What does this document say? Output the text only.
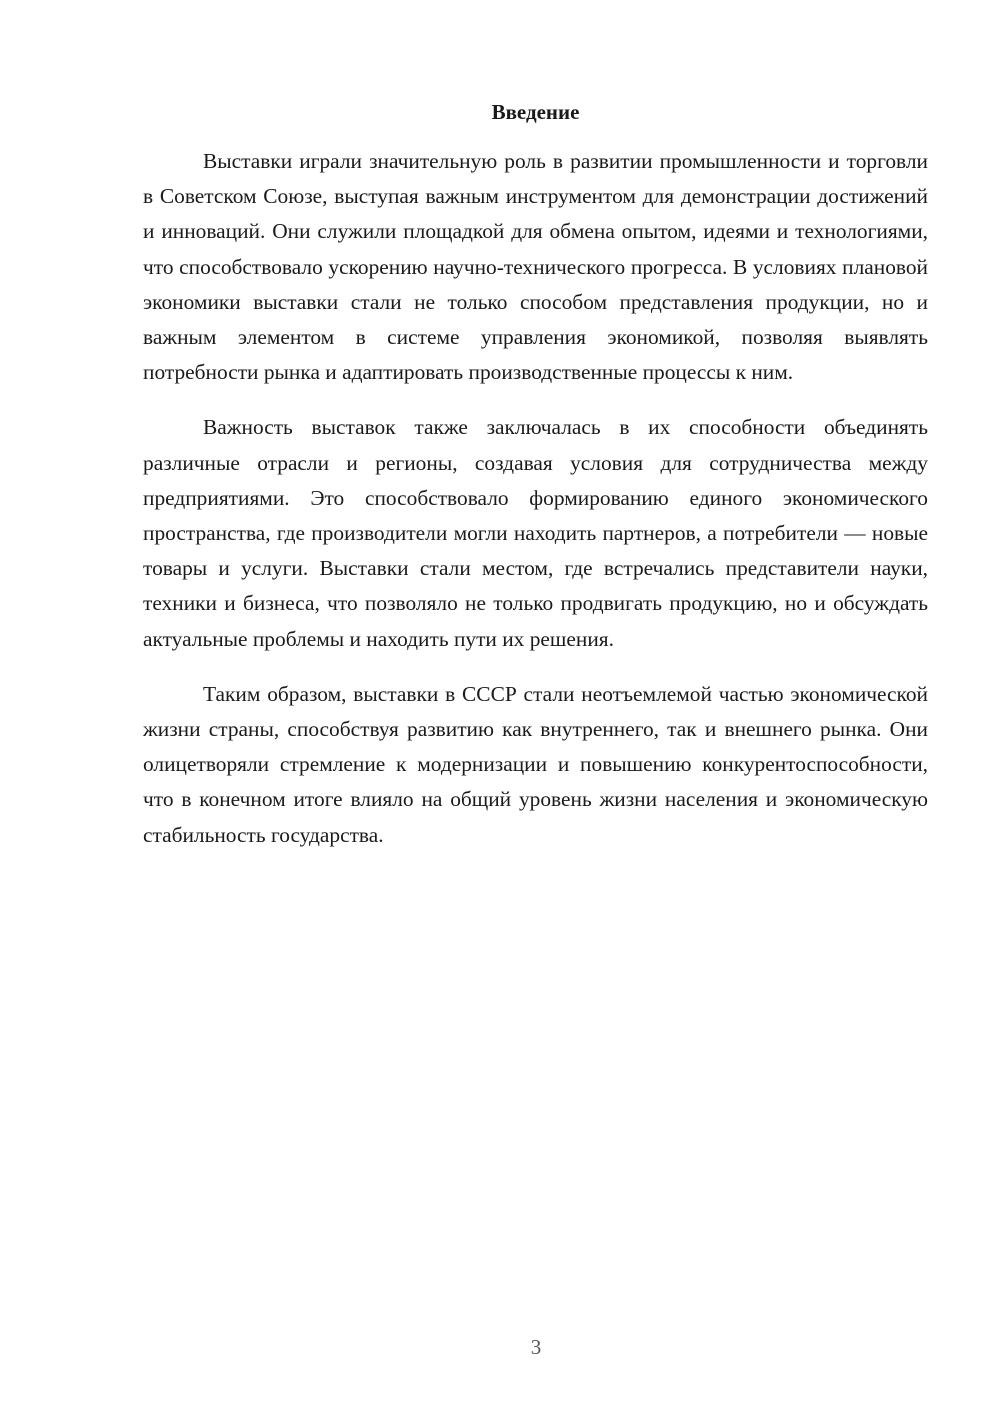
Введение

Выставки играли значительную роль в развитии промышленности и торговли в Советском Союзе, выступая важным инструментом для демонстрации достижений и инноваций. Они служили площадкой для обмена опытом, идеями и технологиями, что способствовало ускорению научно-технического прогресса. В условиях плановой экономики выставки стали не только способом представления продукции, но и важным элементом в системе управления экономикой, позволяя выявлять потребности рынка и адаптировать производственные процессы к ним.

Важность выставок также заключалась в их способности объединять различные отрасли и регионы, создавая условия для сотрудничества между предприятиями. Это способствовало формированию единого экономического пространства, где производители могли находить партнеров, а потребители — новые товары и услуги. Выставки стали местом, где встречались представители науки, техники и бизнеса, что позволяло не только продвигать продукцию, но и обсуждать актуальные проблемы и находить пути их решения.

Таким образом, выставки в СССР стали неотъемлемой частью экономической жизни страны, способствуя развитию как внутреннего, так и внешнего рынка. Они олицетворяли стремление к модернизации и повышению конкурентоспособности, что в конечном итоге влияло на общий уровень жизни населения и экономическую стабильность государства.

3
